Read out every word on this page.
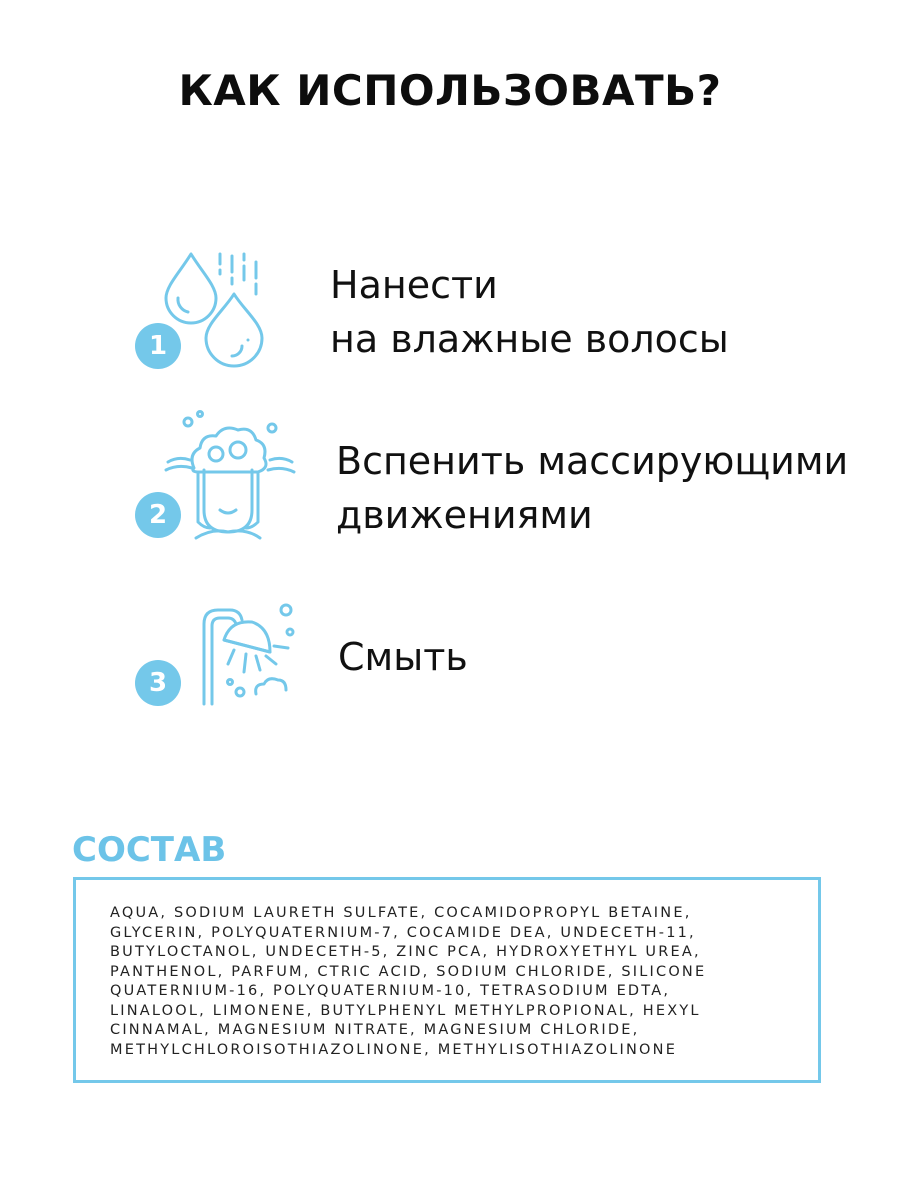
КАК ИСПОЛЬЗОВАТЬ?
1
Нанести
на влажные волосы
2
Вспенить массирующими
движениями
3
Смыть
СОСТАВ
AQUA, SODIUM LAURETH SULFATE, COCAMIDOPROPYL BETAINE,
GLYCERIN, POLYQUATERNIUM-7, COCAMIDE DEA, UNDECETH-11,
BUTYLOCTANOL, UNDECETH-5, ZINC PCA, HYDROXYETHYL UREA,
PANTHENOL, PARFUM, CTRIC ACID, SODIUM CHLORIDE, SILICONE
QUATERNIUM-16, POLYQUATERNIUM-10, TETRASODIUM EDTA,
LINALOOL, LIMONENE, BUTYLPHENYL METHYLPROPIONAL, HEXYL
CINNAMAL, MAGNESIUM NITRATE, MAGNESIUM CHLORIDE,
METHYLCHLOROISOTHIAZOLINONE, METHYLISOTHIAZOLINONE
